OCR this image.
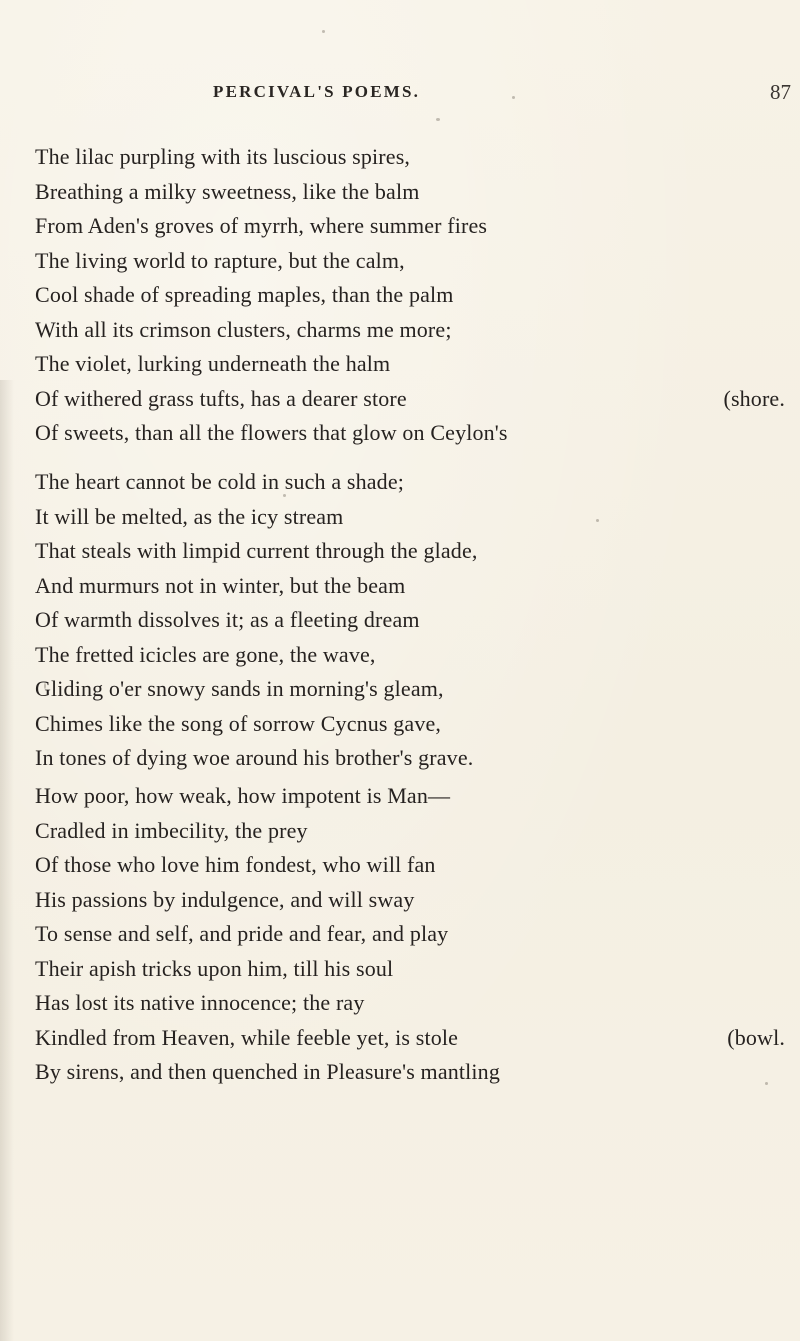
PERCIVAL'S POEMS.	87
The lilac purpling with its luscious spires,
Breathing a milky sweetness, like the balm
From Aden's groves of myrrh, where summer fires
The living world to rapture, but the calm,
Cool shade of spreading maples, than the palm
With all its crimson clusters, charms me more;
The violet, lurking underneath the halm
Of withered grass tufts, has a dearer store	(shore.
Of sweets, than all the flowers that glow on Ceylon's
The heart cannot be cold in such a shade;
It will be melted, as the icy stream
That steals with limpid current through the glade,
And murmurs not in winter, but the beam
Of warmth dissolves it; as a fleeting dream
The fretted icicles are gone, the wave,
Gliding o'er snowy sands in morning's gleam,
Chimes like the song of sorrow Cycnus gave,
In tones of dying woe around his brother's grave.
How poor, how weak, how impotent is Man—
Cradled in imbecility, the prey
Of those who love him fondest, who will fan
His passions by indulgence, and will sway
To sense and self, and pride and fear, and play
Their apish tricks upon him, till his soul
Has lost its native innocence; the ray
Kindled from Heaven, while feeble yet, is stole	(bowl.
By sirens, and then quenched in Pleasure's mantling
